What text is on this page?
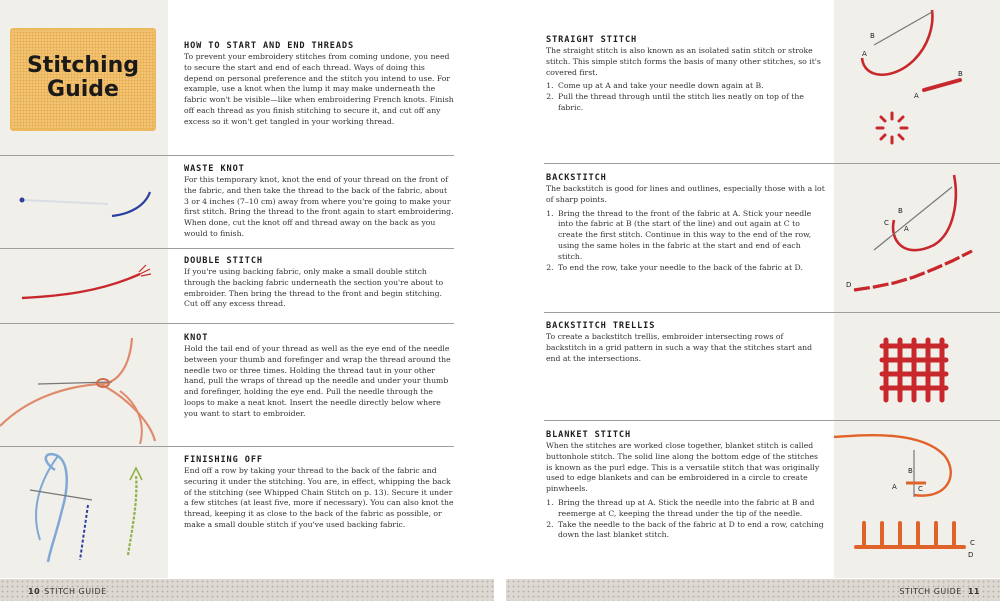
Stitching
Guide
HOW TO START AND END THREADS

To prevent your embroidery stitches from coming undone, you need to secure the start and end of each thread. Ways of doing this depend on personal preference and the stitch you intend to use. For example, use a knot when the lump it may make underneath the fabric won't be visible—like when embroidering French knots. Finish off each thread as you finish stitching to secure it, and cut off any excess so it won't get tangled in your working thread.

WASTE KNOT

For this temporary knot, knot the end of your thread on the front of the fabric, and then take the thread to the back of the fabric, about 3 or 4 inches (7–10 cm) away from where you're going to make your first stitch. Bring the thread to the front again to start embroidering. When done, cut the knot off and thread away on the back as you would to finish.

DOUBLE STITCH

If you're using backing fabric, only make a small double stitch through the backing fabric underneath the section you're about to embroider. Then bring the thread to the front and begin stitching. Cut off any excess thread.

KNOT

Hold the tail end of your thread as well as the eye end of the needle between your thumb and forefinger and wrap the thread around the needle two or three times. Holding the thread taut in your other hand, pull the wraps of thread up the needle and under your thumb and forefinger, holding the eye end. Pull the needle through the loops to make a neat knot. Insert the needle directly below where you want to start to embroider.

FINISHING OFF

End off a row by taking your thread to the back of the fabric and securing it under the stitching. You are, in effect, whipping the back of the stitching (see Whipped Chain Stitch on p. 13). Secure it under a few stitches (at least five, more if necessary). You can also knot the thread, keeping it as close to the back of the fabric as possible, or make a small double stitch if you've used backing fabric.

10 STITCH GUIDE
A
B
A
B
C
B
A
D
B
A	C
C
D
STRAIGHT STITCH

The straight stitch is also known as an isolated satin stitch or stroke stitch. This simple stitch forms the basis of many other stitches, so it's covered first.

1. Come up at A and take your needle down again at B.
2. Pull the thread through until the stitch lies neatly on top of the fabric.
BACKSTITCH

The backstitch is good for lines and outlines, especially those with a lot of sharp points.

1. Bring the thread to the front of the fabric at A. Stick your needle into the fabric at B (the start of the line) and out again at C to create the first stitch. Continue in this way to the end of the row, using the same holes in the fabric at the start and end of each stitch.
2. To end the row, take your needle to the back of the fabric at D.
BACKSTITCH TRELLIS

To create a backstitch trellis, embroider intersecting rows of backstitch in a grid pattern in such a way that the stitches start and end at the intersections.

BLANKET STITCH

When the stitches are worked close together, blanket stitch is called buttonhole stitch. The solid line along the bottom edge of the stitches is known as the purl edge. This is a versatile stitch that was originally used to edge blankets and can be embroidered in a circle to create pinwheels.

1. Bring the thread up at A. Stick the needle into the fabric at B and reemerge at C, keeping the thread under the tip of the needle.
2. Take the needle to the back of the fabric at D to end a row, catching down the last blanket stitch.
STITCH GUIDE 11
